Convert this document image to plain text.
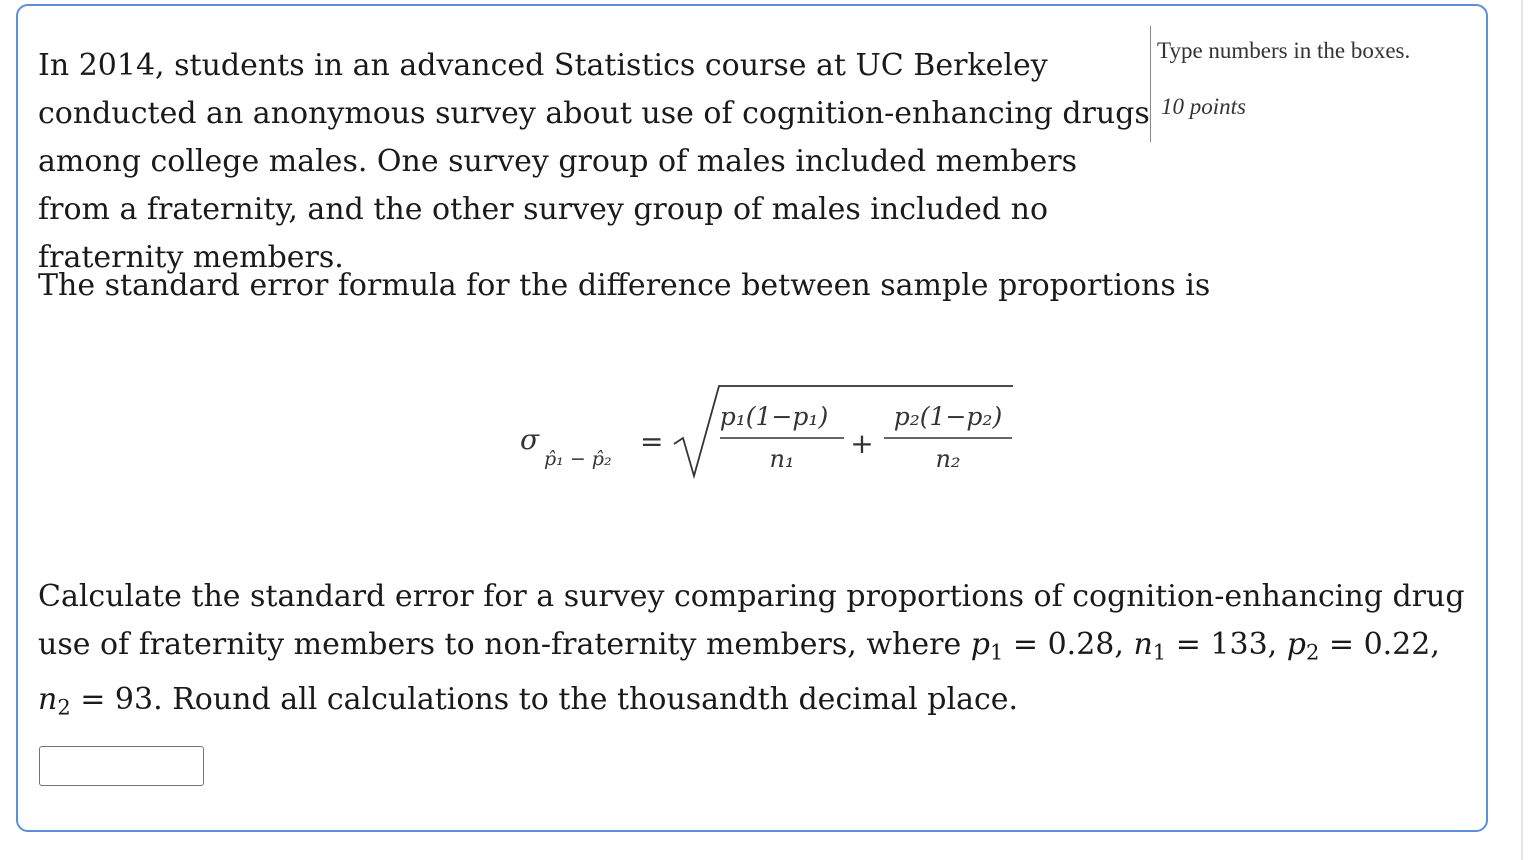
Type numbers in the boxes.
10 points

In 2014, students in an advanced Statistics course at UC Berkeley conducted an anonymous survey about use of cognition-enhancing drugs among college males. One survey group of males included members from a fraternity, and the other survey group of males included no fraternity members.

The standard error formula for the difference between sample proportions is

σ
p̂₁ − p̂₂
=
p₁(1−p₁)
n₁ +
p₂(1−p₂)
n₂

Calculate the standard error for a survey comparing proportions of cognition-enhancing drug use of fraternity members to non-fraternity members, where $p_1 = 0.28$, $n_1 = 133$, $p_2 = 0.22$, $n_2 = 93$. Round all calculations to the thousandth decimal place.
